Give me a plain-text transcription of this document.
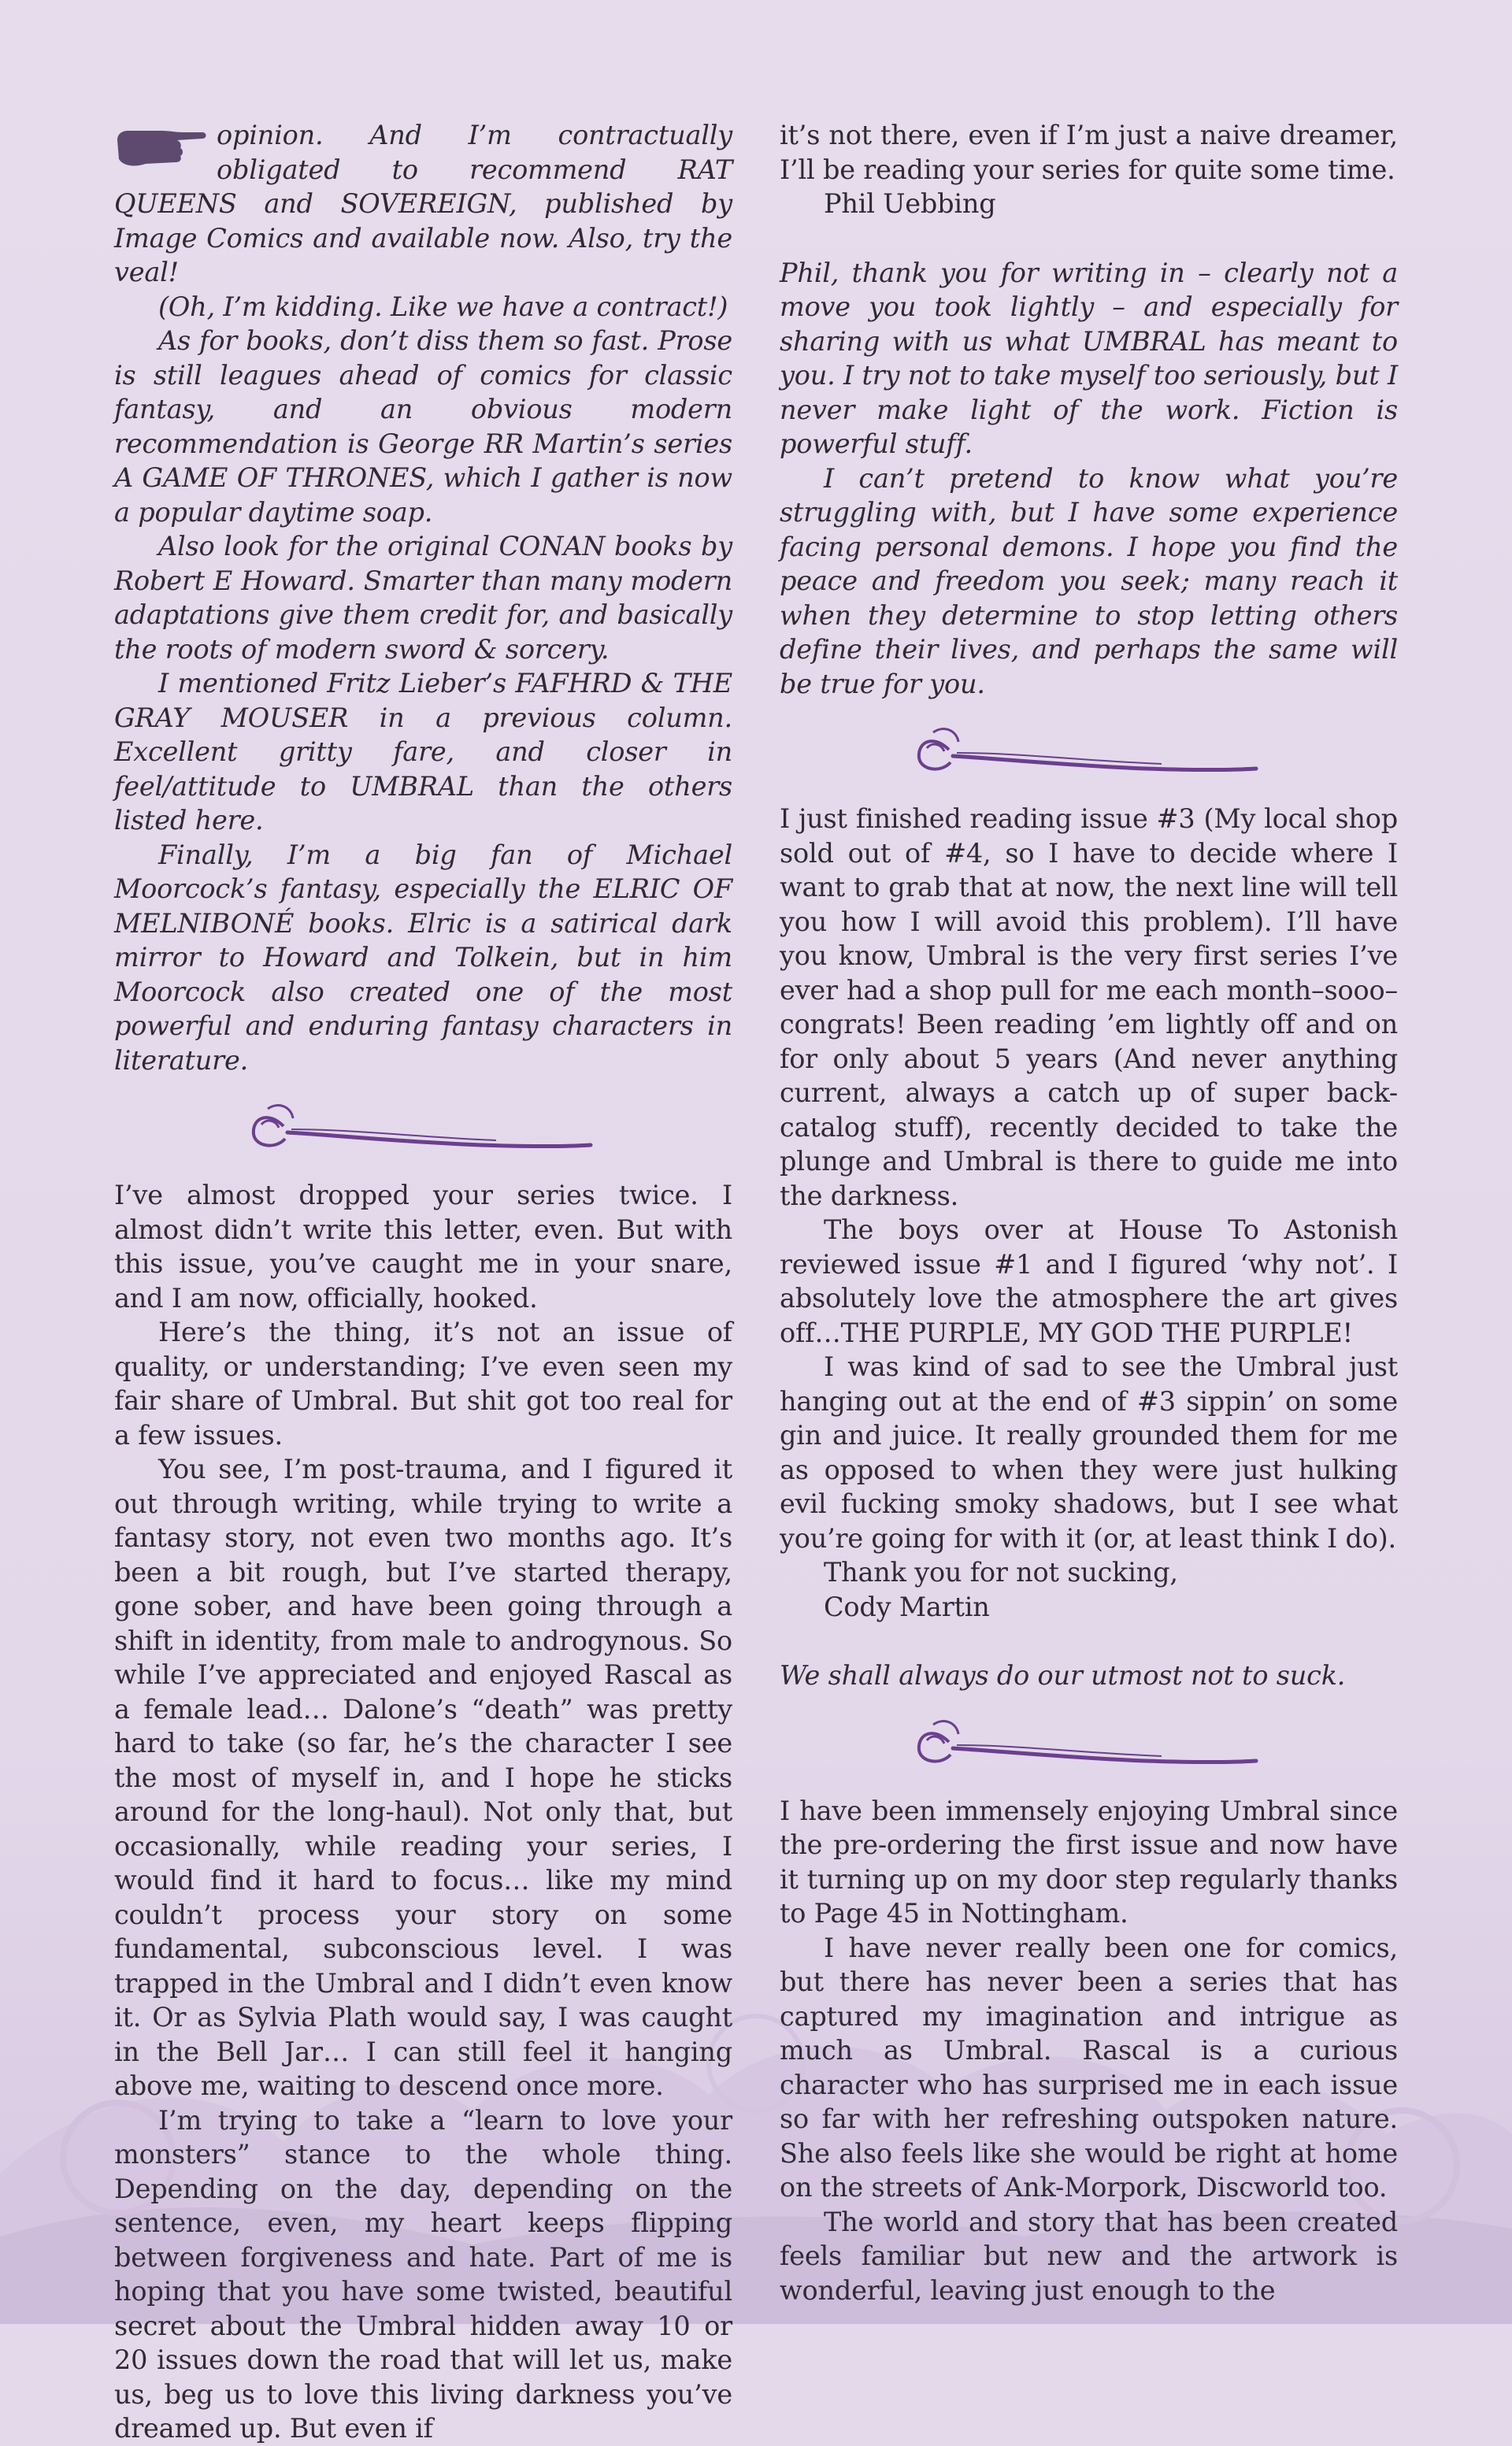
opinion. And I’m contractually obligated to recommend RAT QUEENS and SOVEREIGN, published by Image Comics and available now. Also, try the veal!

(Oh, I’m kidding. Like we have a contract!)

As for books, don’t diss them so fast. Prose is still leagues ahead of comics for classic fantasy, and an obvious modern recommendation is George RR Martin’s series A GAME OF THRONES, which I gather is now a popular daytime soap.

Also look for the original CONAN books by Robert E Howard. Smarter than many modern adaptations give them credit for, and basically the roots of modern sword & sorcery.

I mentioned Fritz Lieber’s FAFHRD & THE GRAY MOUSER in a previous column. Excellent gritty fare, and closer in feel/attitude to UMBRAL than the others listed here.

Finally, I’m a big fan of Michael Moorcock’s fantasy, especially the ELRIC OF MELNIBONÉ books. Elric is a satirical dark mirror to Howard and Tolkein, but in him Moorcock also created one of the most powerful and enduring fantasy characters in literature.

I’ve almost dropped your series twice. I almost didn’t write this letter, even. But with this issue, you’ve caught me in your snare, and I am now, officially, hooked.

Here’s the thing, it’s not an issue of quality, or understanding; I’ve even seen my fair share of Umbral. But shit got too real for a few issues.

You see, I’m post-trauma, and I figured it out through writing, while trying to write a fantasy story, not even two months ago. It’s been a bit rough, but I’ve started therapy, gone sober, and have been going through a shift in identity, from male to androgynous. So while I’ve appreciated and enjoyed Rascal as a female lead… Dalone’s “death” was pretty hard to take (so far, he’s the character I see the most of myself in, and I hope he sticks around for the long-haul). Not only that, but occasionally, while reading your series, I would find it hard to focus… like my mind couldn’t process your story on some fundamental, subconscious level. I was trapped in the Umbral and I didn’t even know it. Or as Sylvia Plath would say, I was caught in the Bell Jar… I can still feel it hanging above me, waiting to descend once more.

I’m trying to take a “learn to love your monsters” stance to the whole thing. Depending on the day, depending on the sentence, even, my heart keeps flipping between forgiveness and hate. Part of me is hoping that you have some twisted, beautiful secret about the Umbral hidden away 10 or 20 issues down the road that will let us, make us, beg us to love this living darkness you’ve dreamed up. But even if

it’s not there, even if I’m just a naive dreamer, I’ll be reading your series for quite some time.

Phil Uebbing

Phil, thank you for writing in – clearly not a move you took lightly – and especially for sharing with us what UMBRAL has meant to you. I try not to take myself too seriously, but I never make light of the work. Fiction is powerful stuff.

I can’t pretend to know what you’re struggling with, but I have some experience facing personal demons. I hope you find the peace and freedom you seek; many reach it when they determine to stop letting others define their lives, and perhaps the same will be true for you.

I just finished reading issue #3 (My local shop sold out of #4, so I have to decide where I want to grab that at now, the next line will tell you how I will avoid this problem). I’ll have you know, Umbral is the very first series I’ve ever had a shop pull for me each month–sooo–congrats! Been reading ’em lightly off and on for only about 5 years (And never anything current, always a catch up of super back-catalog stuff), recently decided to take the plunge and Umbral is there to guide me into the darkness.

The boys over at House To Astonish reviewed issue #1 and I figured ‘why not’. I absolutely love the atmosphere the art gives off…THE PURPLE, MY GOD THE PURPLE!

I was kind of sad to see the Umbral just hanging out at the end of #3 sippin’ on some gin and juice. It really grounded them for me as opposed to when they were just hulking evil fucking smoky shadows, but I see what you’re going for with it (or, at least think I do).

Thank you for not sucking,

Cody Martin

We shall always do our utmost not to suck.

I have been immensely enjoying Umbral since the pre-ordering the first issue and now have it turning up on my door step regularly thanks to Page 45 in Nottingham.

I have never really been one for comics, but there has never been a series that has captured my imagination and intrigue as much as Umbral. Rascal is a curious character who has surprised me in each issue so far with her refreshing outspoken nature. She also feels like she would be right at home on the streets of Ank-Morpork, Discworld too.

The world and story that has been created feels familiar but new and the artwork is wonderful, leaving just enough to the
